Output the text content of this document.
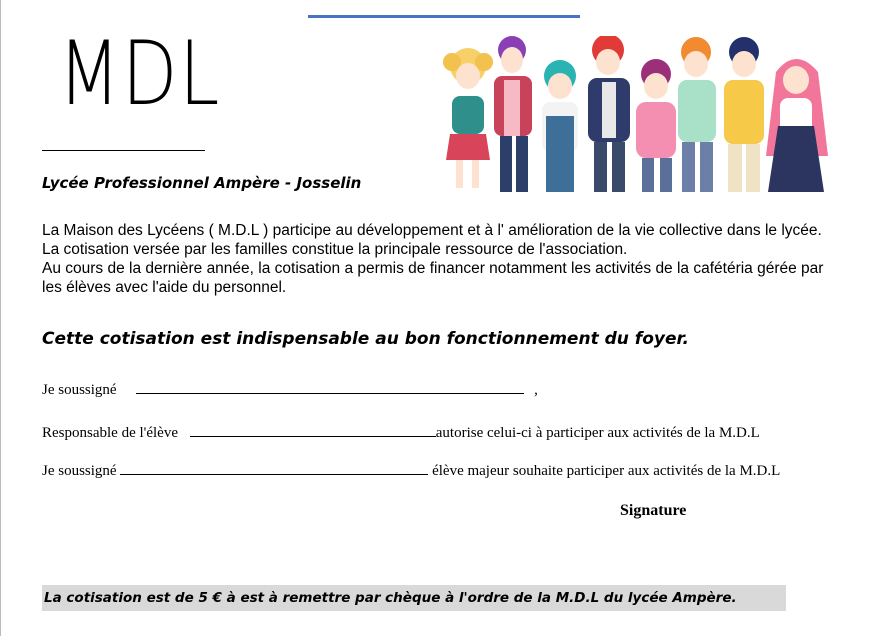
MDL
Lycée Professionnel Ampère - Josselin

La Maison des Lycéens ( M.D.L ) participe au développement et à l' amélioration de la vie collective dans le lycée. La cotisation versée par les familles constitue la principale ressource de l'association.

Au cours de la dernière année, la cotisation a permis de financer notamment les activités de la cafétéria gérée par les élèves avec l'aide du personnel.

Cette cotisation est indispensable au bon fonctionnement du foyer.
Je soussigné	,
Responsable de l'élève	autorise celui-ci à participer aux activités de la M.D.L
Je soussigné	élève majeur souhaite participer aux activités de la M.D.L
Signature
La cotisation est de 5 € à est à remettre par chèque à l'ordre de la M.D.L du lycée Ampère.
